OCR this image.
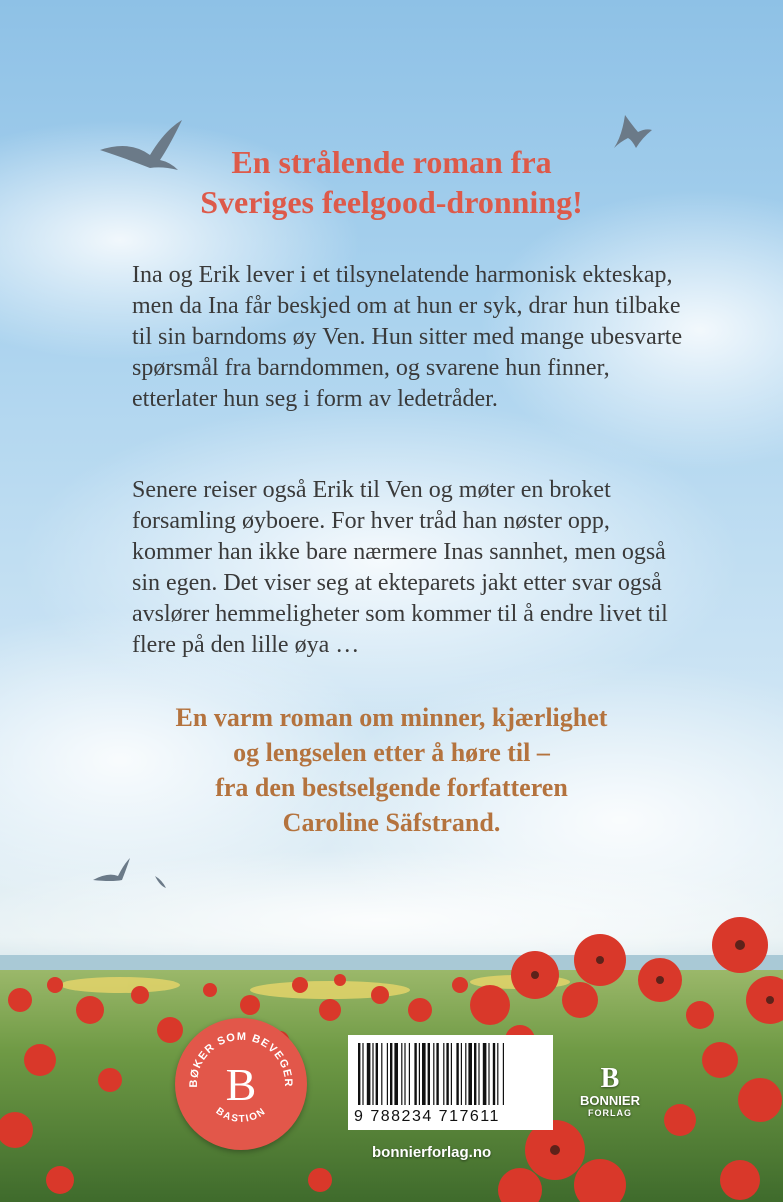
En strålende roman fra
Sveriges feelgood-dronning!

Ina og Erik lever i et tilsynelatende harmonisk ekteskap, men da Ina får beskjed om at hun er syk, drar hun tilbake til sin barndoms øy Ven. Hun sitter med mange ubesvarte spørsmål fra barndommen, og svarene hun finner, etterlater hun seg i form av ledetråder.

Senere reiser også Erik til Ven og møter en broket forsamling øyboere. For hver tråd han nøster opp, kommer han ikke bare nærmere Inas sannhet, men også sin egen. Det viser seg at ekteparets jakt etter svar også avslører hemmeligheter som kommer til å endre livet til flere på den lille øya …

En varm roman om minner, kjærlighet
og lengselen etter å høre til –
fra den bestselgende forfatteren
Caroline Säfstrand.
BØKER SOM BEVEGER
B
BASTION	9 788234 717611
B
BONNIER
FORLAG
bonnierforlag.no
